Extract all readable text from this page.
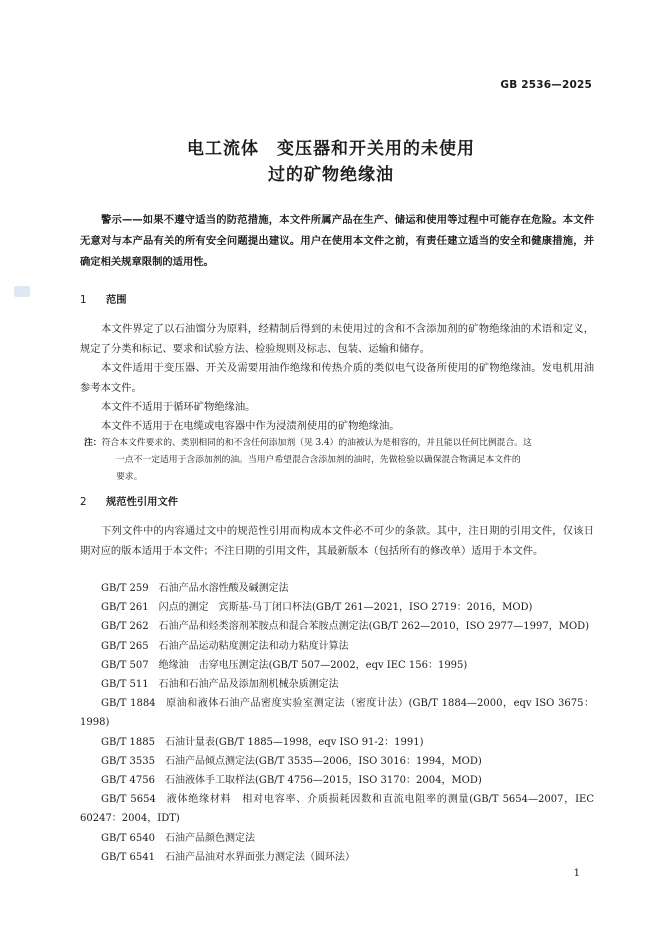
GB 2536—2025
电工流体　变压器和开关用的未使用
过的矿物绝缘油
警示——如果不遵守适当的防范措施，本文件所属产品在生产、储运和使用等过程中可能存在危险。本文件无意对与本产品有关的所有安全问题提出建议。用户在使用本文件之前，有责任建立适当的安全和健康措施，并确定相关规章限制的适用性。
1 范围
本文件界定了以石油馏分为原料，经精制后得到的未使用过的含和不含添加剂的矿物绝缘油的术语和定义，规定了分类和标记、要求和试验方法、检验规则及标志、包装、运输和储存。
本文件适用于变压器、开关及需要用油作绝缘和传热介质的类似电气设备所使用的矿物绝缘油。发电机用油参考本文件。
本文件不适用于循环矿物绝缘油。
本文件不适用于在电缆或电容器中作为浸渍剂使用的矿物绝缘油。
注：符合本文件要求的、类别相同的和不含任何添加剂（见 3.4）的油被认为是相容的，并且能以任何比例混合。这
一点不一定适用于含添加剂的油。当用户希望混合含添加剂的油时，先做检验以确保混合物满足本文件的
要求。
2 规范性引用文件
下列文件中的内容通过文中的规范性引用而构成本文件必不可少的条款。其中，注日期的引用文件，仅该日期对应的版本适用于本文件；不注日期的引用文件，其最新版本（包括所有的修改单）适用于本文件。
GB/T 259 石油产品水溶性酸及碱测定法
GB/T 261 闪点的测定　宾斯基-马丁闭口杯法(GB/T 261—2021，ISO 2719：2016，MOD)
GB/T 262 石油产品和烃类溶剂苯胺点和混合苯胺点测定法(GB/T 262—2010，ISO 2977—1997，MOD)
GB/T 265 石油产品运动粘度测定法和动力粘度计算法
GB/T 507 绝缘油　击穿电压测定法(GB/T 507—2002，eqv IEC 156：1995)
GB/T 511 石油和石油产品及添加剂机械杂质测定法
GB/T 1884 原油和液体石油产品密度实验室测定法（密度计法）(GB/T 1884—2000，eqv ISO 3675：1998)
GB/T 1885 石油计量表(GB/T 1885—1998，eqv ISO 91-2：1991)
GB/T 3535 石油产品倾点测定法(GB/T 3535—2006，ISO 3016：1994，MOD)
GB/T 4756 石油液体手工取样法(GB/T 4756—2015，ISO 3170：2004，MOD)
GB/T 5654 液体绝缘材料　相对电容率、介质损耗因数和直流电阻率的测量(GB/T 5654—2007，IEC 60247：2004，IDT)
GB/T 6540 石油产品颜色测定法
GB/T 6541 石油产品油对水界面张力测定法（圆环法）
1
